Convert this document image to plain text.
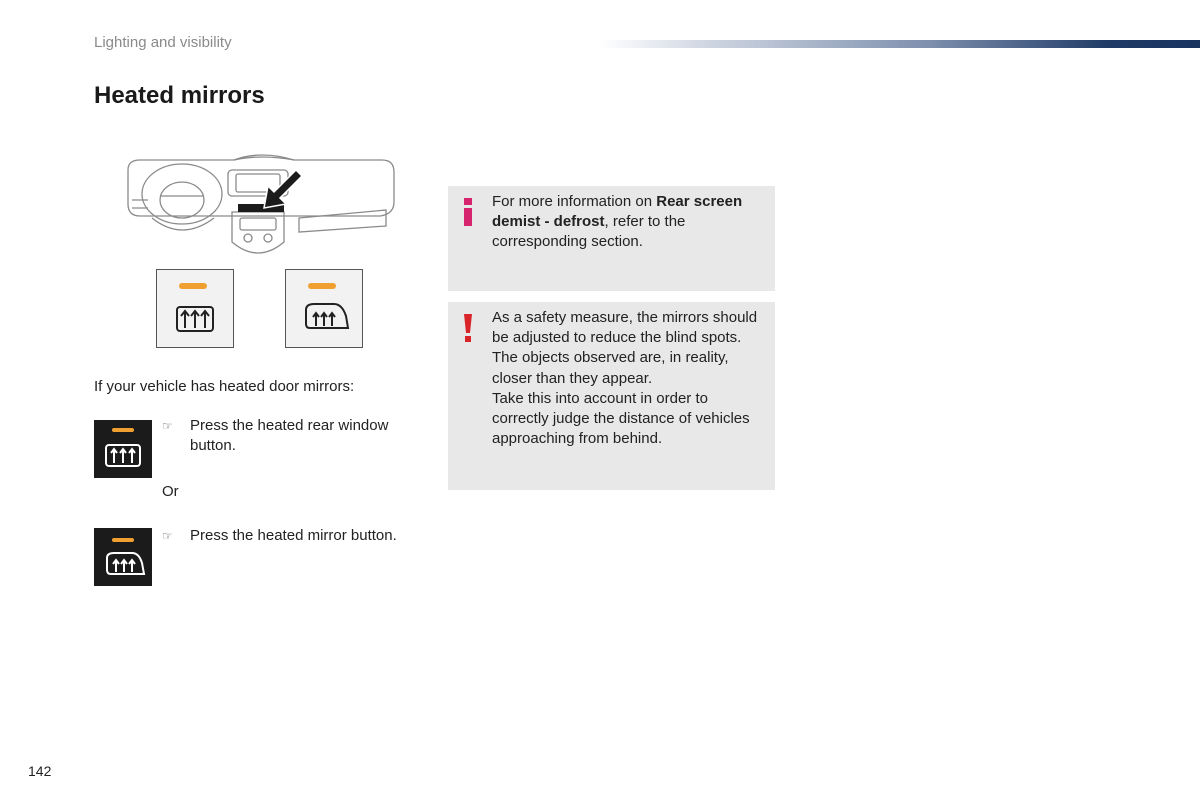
Lighting and visibility
Heated mirrors

If your vehicle has heated door mirrors:

☞	Press the heated rear window button.

Or

☞	Press the heated mirror button.

For more information on Rear screen demist - defrost, refer to the corresponding section.

As a safety measure, the mirrors should be adjusted to reduce the blind spots.

The objects observed are, in reality, closer than they appear.

Take this into account in order to correctly judge the distance of vehicles approaching from behind.

142
